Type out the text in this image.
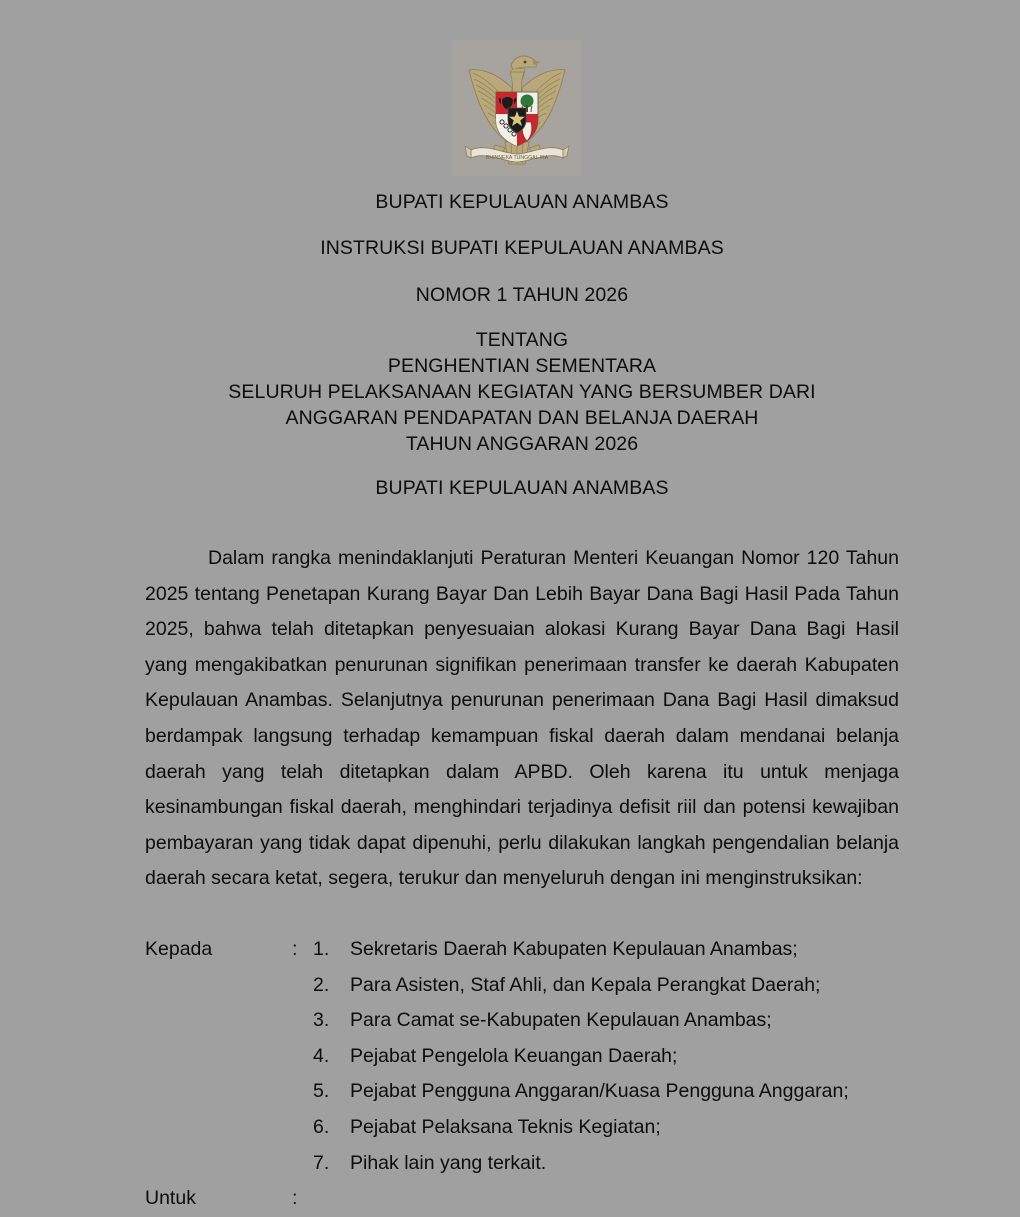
BHINNEKA TUNGGAL IKA
BUPATI KEPULAUAN ANAMBAS
INSTRUKSI BUPATI KEPULAUAN ANAMBAS
NOMOR 1 TAHUN 2026
TENTANG
PENGHENTIAN SEMENTARA
SELURUH PELAKSANAAN KEGIATAN YANG BERSUMBER DARI
ANGGARAN PENDAPATAN DAN BELANJA DAERAH
TAHUN ANGGARAN 2026
BUPATI KEPULAUAN ANAMBAS
Dalam rangka menindaklanjuti Peraturan Menteri Keuangan Nomor 120 Tahun 2025 tentang Penetapan Kurang Bayar Dan Lebih Bayar Dana Bagi Hasil Pada Tahun 2025, bahwa telah ditetapkan penyesuaian alokasi Kurang Bayar Dana Bagi Hasil yang mengakibatkan penurunan signifikan penerimaan transfer ke daerah Kabupaten Kepulauan Anambas. Selanjutnya penurunan penerimaan Dana Bagi Hasil dimaksud berdampak langsung terhadap kemampuan fiskal daerah dalam mendanai belanja daerah yang telah ditetapkan dalam APBD. Oleh karena itu untuk menjaga kesinambungan fiskal daerah, menghindari terjadinya defisit riil dan potensi kewajiban pembayaran yang tidak dapat dipenuhi, perlu dilakukan langkah pengendalian belanja daerah secara ketat, segera, terukur dan menyeluruh dengan ini menginstruksikan:
Kepada	: 1.	Sekretaris Daerah Kabupaten Kepulauan Anambas;
2.	Para Asisten, Staf Ahli, dan Kepala Perangkat Daerah;
3.	Para Camat se-Kabupaten Kepulauan Anambas;
4.	Pejabat Pengelola Keuangan Daerah;
5.	Pejabat Pengguna Anggaran/Kuasa Pengguna Anggaran;
6.	Pejabat Pelaksana Teknis Kegiatan;
7.	Pihak lain yang terkait.
Untuk	:
